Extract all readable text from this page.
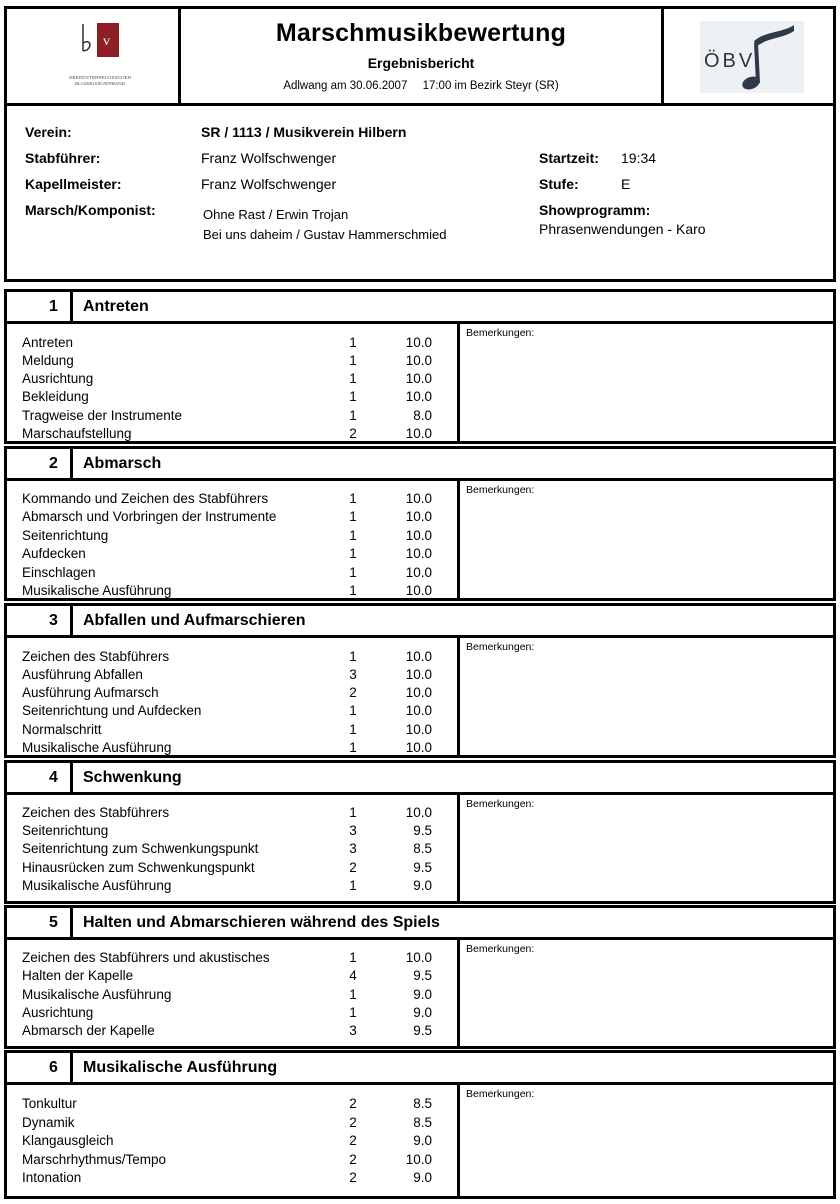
v
OBERÖSTERREICHISCHER
BLASMUSIKVERBAND
Marschmusikbewertung
Ergebnisbericht
Adlwang am 30.06.2007 17:00 im Bezirk Steyr (SR)
ÖBV
Verein:	SR / 1113 / Musikverein Hilbern
Stabführer:	Franz Wolfschwenger
Kapellmeister:	Franz Wolfschwenger
Marsch/Komponist:	Ohne Rast / Erwin Trojan
Bei uns daheim / Gustav Hammerschmied
Startzeit: 19:34
Stufe:	E
Showprogramm:
Phrasenwendungen - Karo
1	Antreten
Antreten	1	10.0
Meldung	1	10.0
Ausrichtung	1	10.0
Bekleidung	1	10.0
Tragweise der Instrumente	1	8.0
Marschaufstellung	2	10.0
Bemerkungen:
2	Abmarsch
Kommando und Zeichen des Stabführers	1	10.0
Abmarsch und Vorbringen der Instrumente	1	10.0
Seitenrichtung	1	10.0
Aufdecken	1	10.0
Einschlagen	1	10.0
Musikalische Ausführung	1	10.0
Bemerkungen:
3	Abfallen und Aufmarschieren
Zeichen des Stabführers	1	10.0
Ausführung Abfallen	3	10.0
Ausführung Aufmarsch	2	10.0
Seitenrichtung und Aufdecken	1	10.0
Normalschritt	1	10.0
Musikalische Ausführung	1	10.0
Bemerkungen:
4	Schwenkung
Zeichen des Stabführers	1	10.0
Seitenrichtung	3	9.5
Seitenrichtung zum Schwenkungspunkt	3	8.5
Hinausrücken zum Schwenkungspunkt	2	9.5
Musikalische Ausführung	1	9.0
Bemerkungen:
5	Halten und Abmarschieren während des Spiels
Zeichen des Stabführers und akustisches	1	10.0
Halten der Kapelle	4	9.5
Musikalische Ausführung	1	9.0
Ausrichtung	1	9.0
Abmarsch der Kapelle	3	9.5
Bemerkungen:
6	Musikalische Ausführung
Tonkultur	2	8.5
Dynamik	2	8.5
Klangausgleich	2	9.0
Marschrhythmus/Tempo	2	10.0
Intonation	2	9.0
Bemerkungen:
